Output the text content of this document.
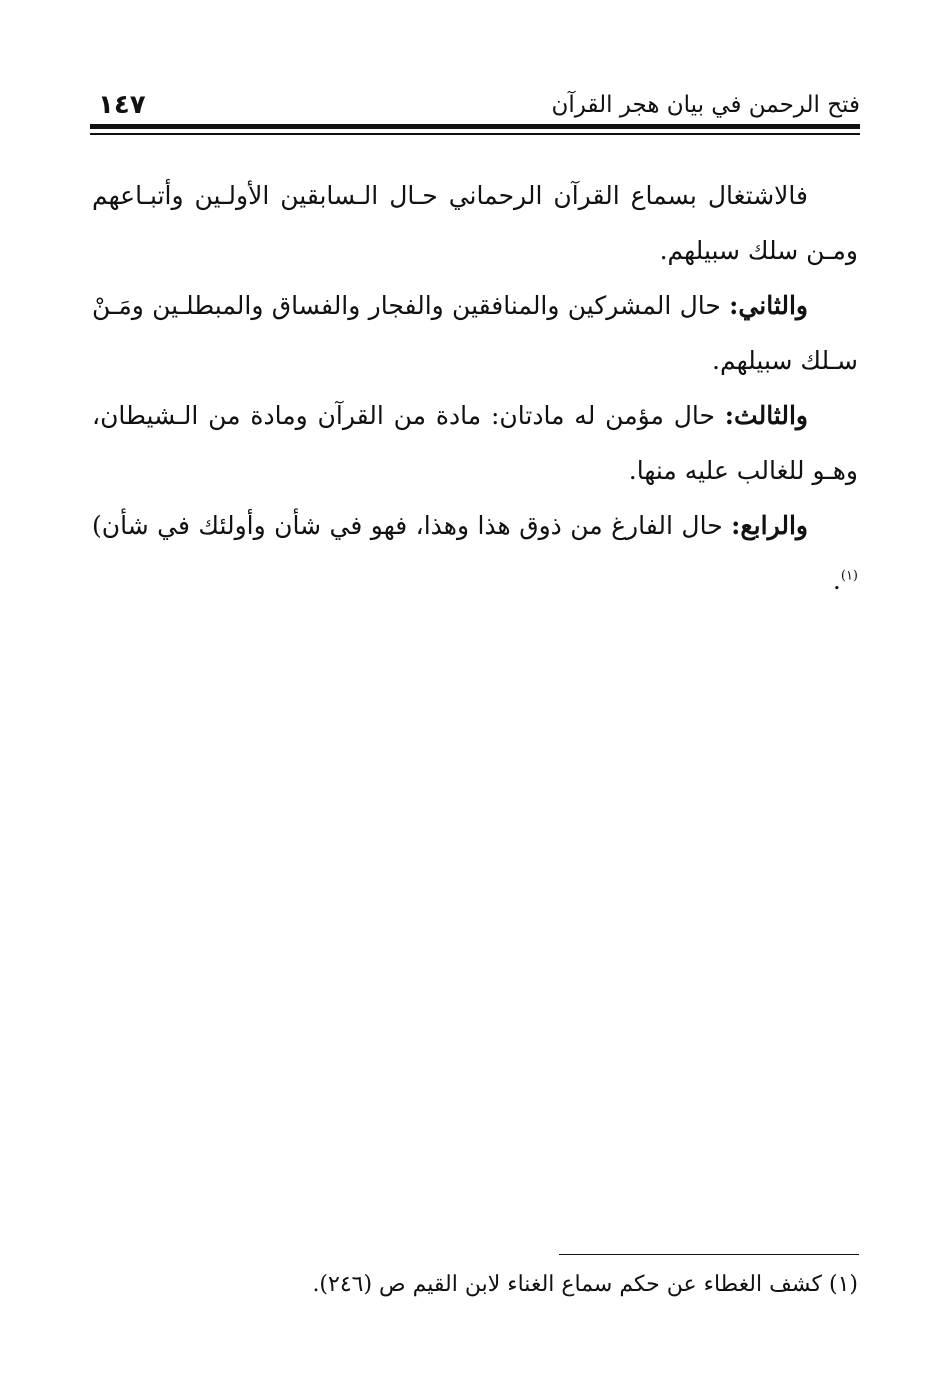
فتح الرحمن في بيان هجر القرآن
١٤٧

فالاشتغال بسماع القرآن الرحماني حـال الـسابقين الأولـين وأتبـاعهم ومـن سلك سبيلهم.

والثاني: حال المشركين والمنافقين والفجار والفساق والمبطلـين ومَـنْ سـلك سبيلهم.

والثالث: حال مؤمن له مادتان: مادة من القرآن ومادة من الـشيطان، وهـو للغالب عليه منها.

والرابع: حال الفارغ من ذوق هذا وهذا، فهو في شأن وأولئك في شأن)$^{(١)}$.

(١) كشف الغطاء عن حكم سماع الغناء لابن القيم ص (٢٤٦).
